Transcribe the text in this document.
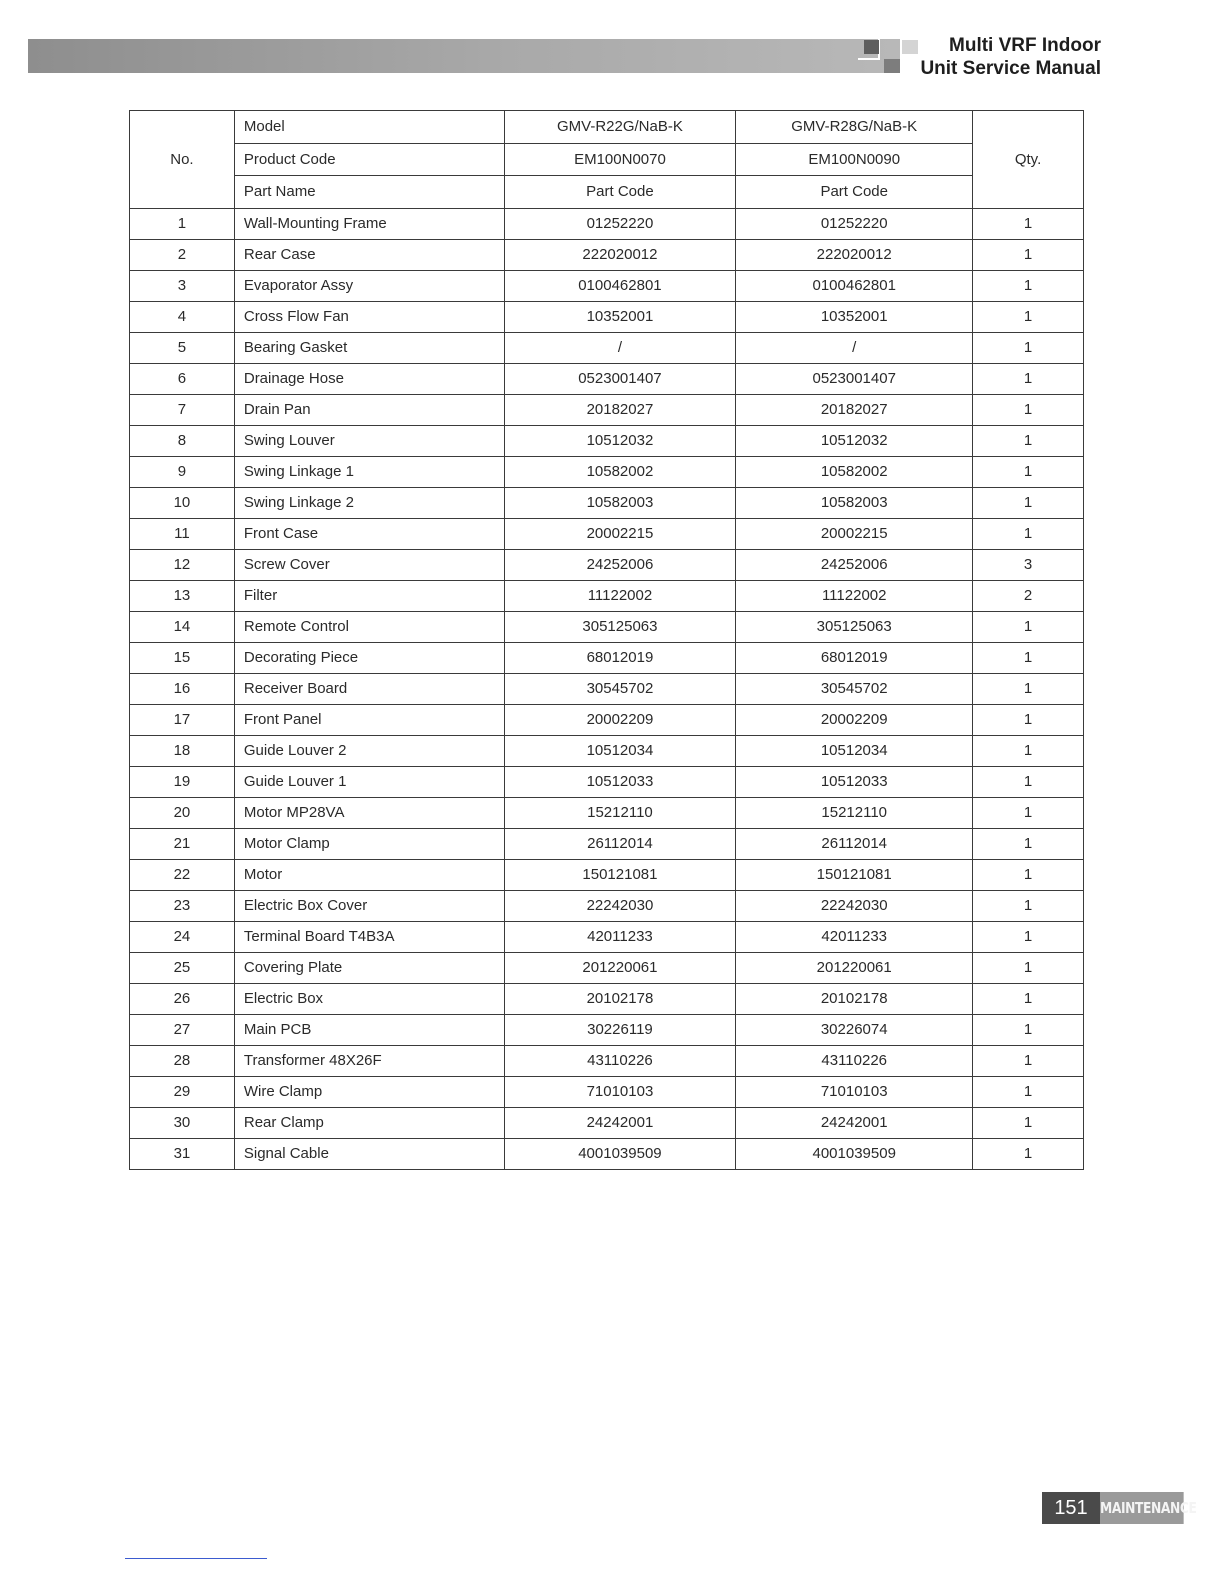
Multi VRF Indoor
Unit Service Manual
No.	Model	GMV-R22G/NaB-K	GMV-R28G/NaB-K	Qty.
	Product Code	EM100N0070	EM100N0090	
	Part Name	Part Code	Part Code	
1	Wall-Mounting Frame	01252220	01252220	1
2	Rear Case	222020012	222020012	1
3	Evaporator Assy	0100462801	0100462801	1
4	Cross Flow Fan	10352001	10352001	1
5	Bearing Gasket	/	/	1
6	Drainage Hose	0523001407	0523001407	1
7	Drain Pan	20182027	20182027	1
8	Swing Louver	10512032	10512032	1
9	Swing Linkage 1	10582002	10582002	1
10	Swing Linkage 2	10582003	10582003	1
11	Front Case	20002215	20002215	1
12	Screw Cover	24252006	24252006	3
13	Filter	11122002	11122002	2
14	Remote Control	305125063	305125063	1
15	Decorating Piece	68012019	68012019	1
16	Receiver Board	30545702	30545702	1
17	Front Panel	20002209	20002209	1
18	Guide Louver 2	10512034	10512034	1
19	Guide Louver 1	10512033	10512033	1
20	Motor MP28VA	15212110	15212110	1
21	Motor Clamp	26112014	26112014	1
22	Motor	150121081	150121081	1
23	Electric Box Cover	22242030	22242030	1
24	Terminal Board T4B3A	42011233	42011233	1
25	Covering Plate	201220061	201220061	1
26	Electric Box	20102178	20102178	1
27	Main PCB	30226119	30226074	1
28	Transformer 48X26F	43110226	43110226	1
29	Wire Clamp	71010103	71010103	1
30	Rear Clamp	24242001	24242001	1
31	Signal Cable	4001039509	4001039509	1
151 MAINTENANCE
